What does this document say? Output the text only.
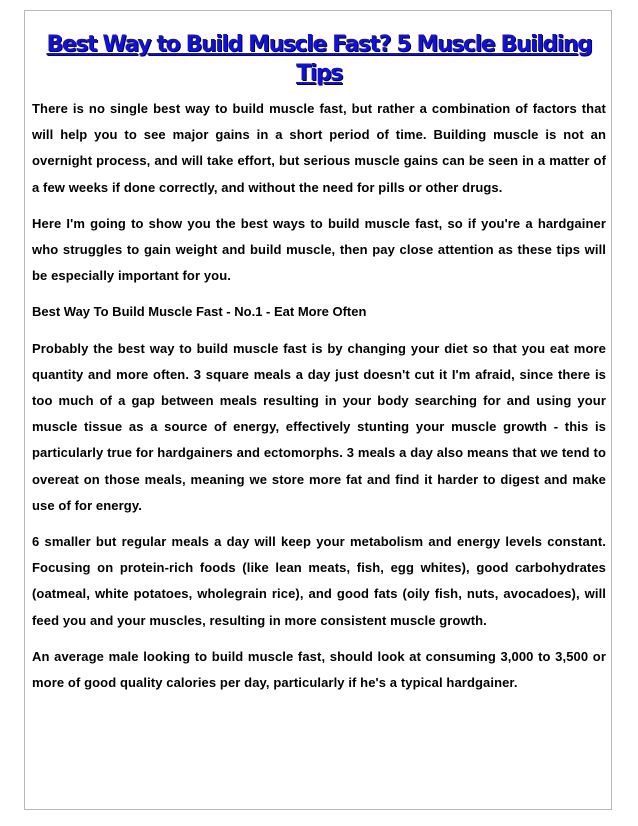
Best Way to Build Muscle Fast? 5 Muscle Building Tips

There is no single best way to build muscle fast, but rather a combination of factors that will help you to see major gains in a short period of time. Building muscle is not an overnight process, and will take effort, but serious muscle gains can be seen in a matter of a few weeks if done correctly, and without the need for pills or other drugs.

Here I'm going to show you the best ways to build muscle fast, so if you're a hardgainer who struggles to gain weight and build muscle, then pay close attention as these tips will be especially important for you.

Best Way To Build Muscle Fast - No.1 - Eat More Often

Probably the best way to build muscle fast is by changing your diet so that you eat more quantity and more often. 3 square meals a day just doesn't cut it I'm afraid, since there is too much of a gap between meals resulting in your body searching for and using your muscle tissue as a source of energy, effectively stunting your muscle growth - this is particularly true for hardgainers and ectomorphs. 3 meals a day also means that we tend to overeat on those meals, meaning we store more fat and find it harder to digest and make use of for energy.

6 smaller but regular meals a day will keep your metabolism and energy levels constant. Focusing on protein-rich foods (like lean meats, fish, egg whites), good carbohydrates (oatmeal, white potatoes, wholegrain rice), and good fats (oily fish, nuts, avocadoes), will feed you and your muscles, resulting in more consistent muscle growth.

An average male looking to build muscle fast, should look at consuming 3,000 to 3,500 or more of good quality calories per day, particularly if he's a typical hardgainer.
